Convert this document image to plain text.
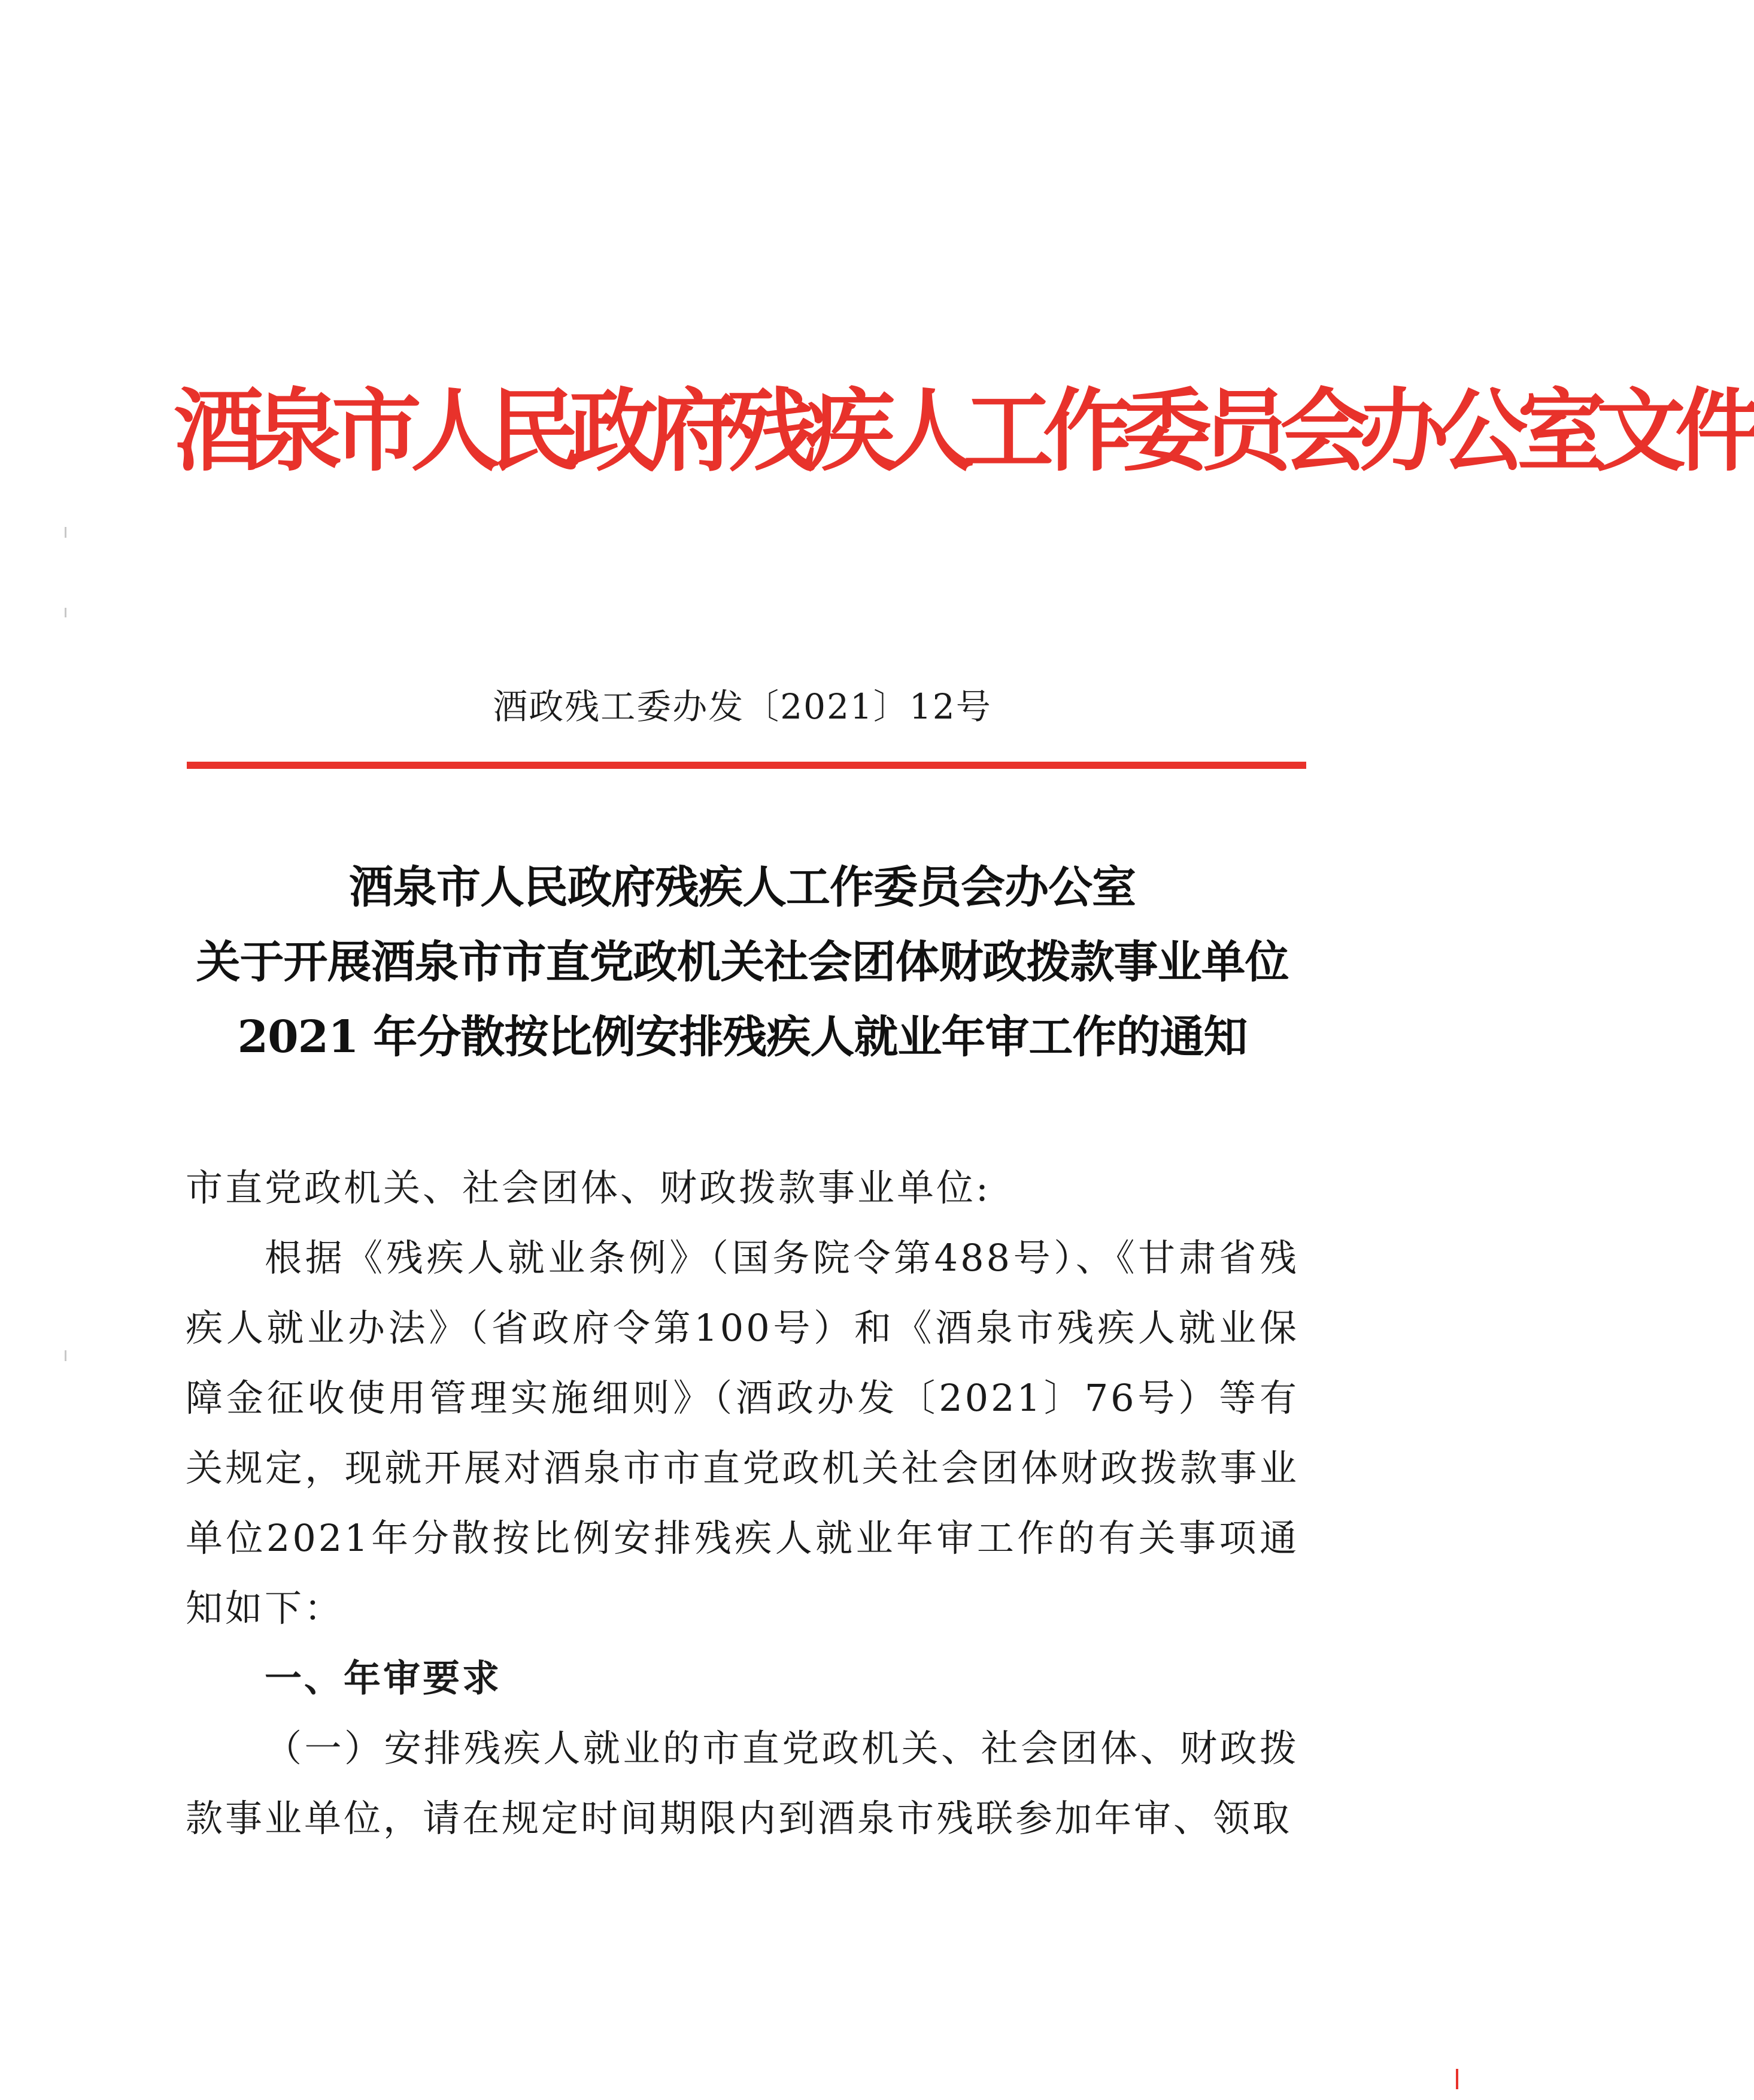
酒泉市人民政府残疾人工作委员会办公室文件
酒政残工委办发〔2021〕12号
酒泉市人民政府残疾人工作委员会办公室
关于开展酒泉市市直党政机关社会团体财政拨款事业单位
2021 年分散按比例安排残疾人就业年审工作的通知

市直党政机关、社会团体、财政拨款事业单位:

根据《残疾人就业条例》（国务院令第488号）、《甘肃省残疾人就业办法》（省政府令第100号）和《酒泉市残疾人就业保障金征收使用管理实施细则》（酒政办发〔2021〕76号）等有关规定，现就开展对酒泉市市直党政机关社会团体财政拨款事业单位2021年分散按比例安排残疾人就业年审工作的有关事项通知如下：

一、年审要求

（一）安排残疾人就业的市直党政机关、社会团体、财政拨款事业单位，请在规定时间期限内到酒泉市残联参加年审、领取
